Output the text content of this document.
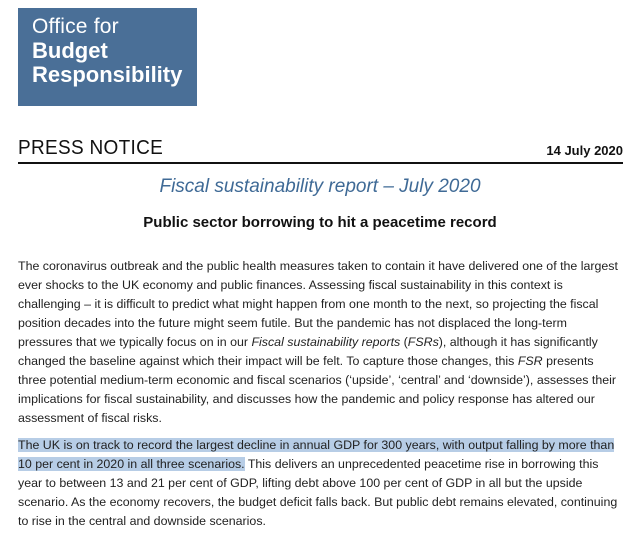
Office for
Budget
Responsibility
PRESS NOTICE	14 July 2020
Fiscal sustainability report – July 2020
Public sector borrowing to hit a peacetime record

The coronavirus outbreak and the public health measures taken to contain it have delivered one of the largest ever shocks to the UK economy and public finances. Assessing fiscal sustainability in this context is challenging – it is difficult to predict what might happen from one month to the next, so projecting the fiscal position decades into the future might seem futile. But the pandemic has not displaced the long-term pressures that we typically focus on in our Fiscal sustainability reports (FSRs), although it has significantly changed the baseline against which their impact will be felt. To capture those changes, this FSR presents three potential medium-term economic and fiscal scenarios (‘upside’, ‘central’ and ‘downside’), assesses their implications for fiscal sustainability, and discusses how the pandemic and policy response has altered our assessment of fiscal risks.

The UK is on track to record the largest decline in annual GDP for 300 years, with output falling by more than 10 per cent in 2020 in all three scenarios. This delivers an unprecedented peacetime rise in borrowing this year to between 13 and 21 per cent of GDP, lifting debt above 100 per cent of GDP in all but the upside scenario. As the economy recovers, the budget deficit falls back. But public debt remains elevated, continuing to rise in the central and downside scenarios.
